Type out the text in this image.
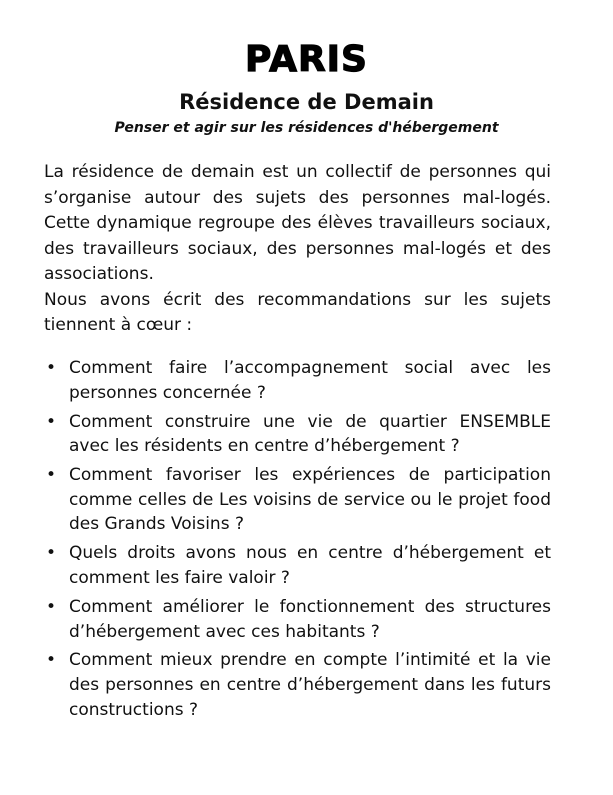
PARIS
Résidence de Demain
Penser et agir sur les résidences d'hébergement

La résidence de demain est un collectif de personnes qui s’organise autour des sujets des personnes mal-logés. Cette dynamique regroupe des élèves travailleurs sociaux, des travailleurs sociaux, des personnes mal-logés et des associations.

Nous avons écrit des recommandations sur les sujets tiennent à cœur :

• Comment faire l’accompagnement social avec les personnes concernée ?
• Comment construire une vie de quartier ENSEMBLE avec les résidents en centre d’hébergement ?
• Comment favoriser les expériences de participation comme celles de Les voisins de service ou le projet food des Grands Voisins ?
• Quels droits avons nous en centre d’hébergement et comment les faire valoir ?
• Comment améliorer le fonctionnement des structures d’hébergement avec ces habitants ?
• Comment mieux prendre en compte l’intimité et la vie des personnes en centre d’hébergement dans les futurs constructions ?
